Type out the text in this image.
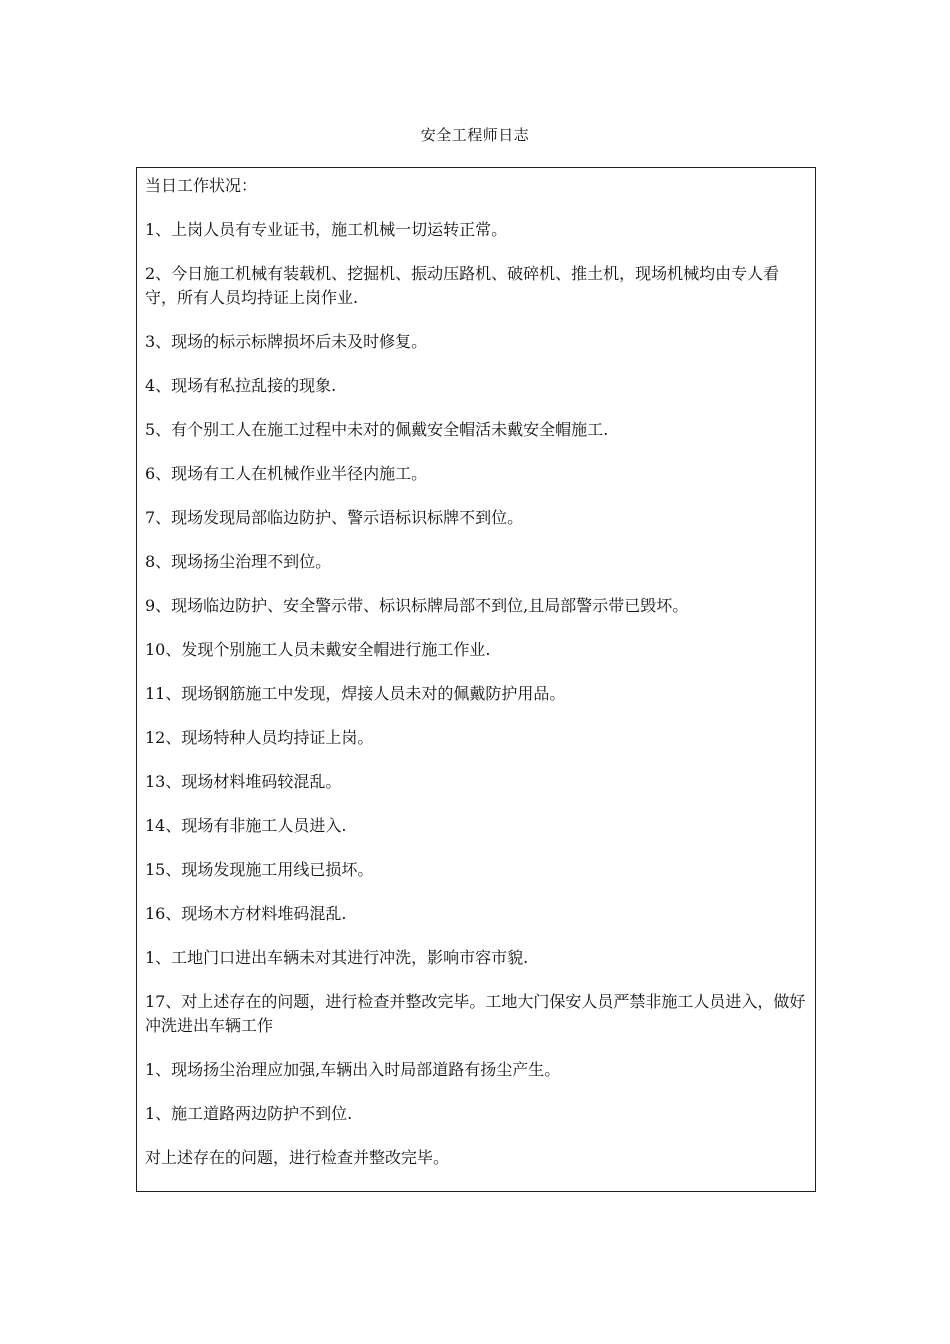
安全工程师日志
当日工作状况：
1、上岗人员有专业证书，施工机械一切运转正常。
2、今日施工机械有装载机、挖掘机、振动压路机、破碎机、推土机，现场机械均由专人看守，所有人员均持证上岗作业.
3、现场的标示标牌损坏后未及时修复。
4、现场有私拉乱接的现象.
5、有个别工人在施工过程中未对的佩戴安全帽活未戴安全帽施工.
6、现场有工人在机械作业半径内施工。
7、现场发现局部临边防护、警示语标识标牌不到位。
8、现场扬尘治理不到位。
9、现场临边防护、安全警示带、标识标牌局部不到位,且局部警示带已毁坏。
10、发现个别施工人员未戴安全帽进行施工作业.
11、现场钢筋施工中发现，焊接人员未对的佩戴防护用品。
12、现场特种人员均持证上岗。
13、现场材料堆码较混乱。
14、现场有非施工人员进入.
15、现场发现施工用线已损坏。
16、现场木方材料堆码混乱.
1、工地门口进出车辆未对其进行冲洗，影响市容市貌.
17、对上述存在的问题，进行检查并整改完毕。工地大门保安人员严禁非施工人员进入，做好冲洗进出车辆工作
1、现场扬尘治理应加强,车辆出入时局部道路有扬尘产生。
1、施工道路两边防护不到位.
对上述存在的问题，进行检查并整改完毕。
